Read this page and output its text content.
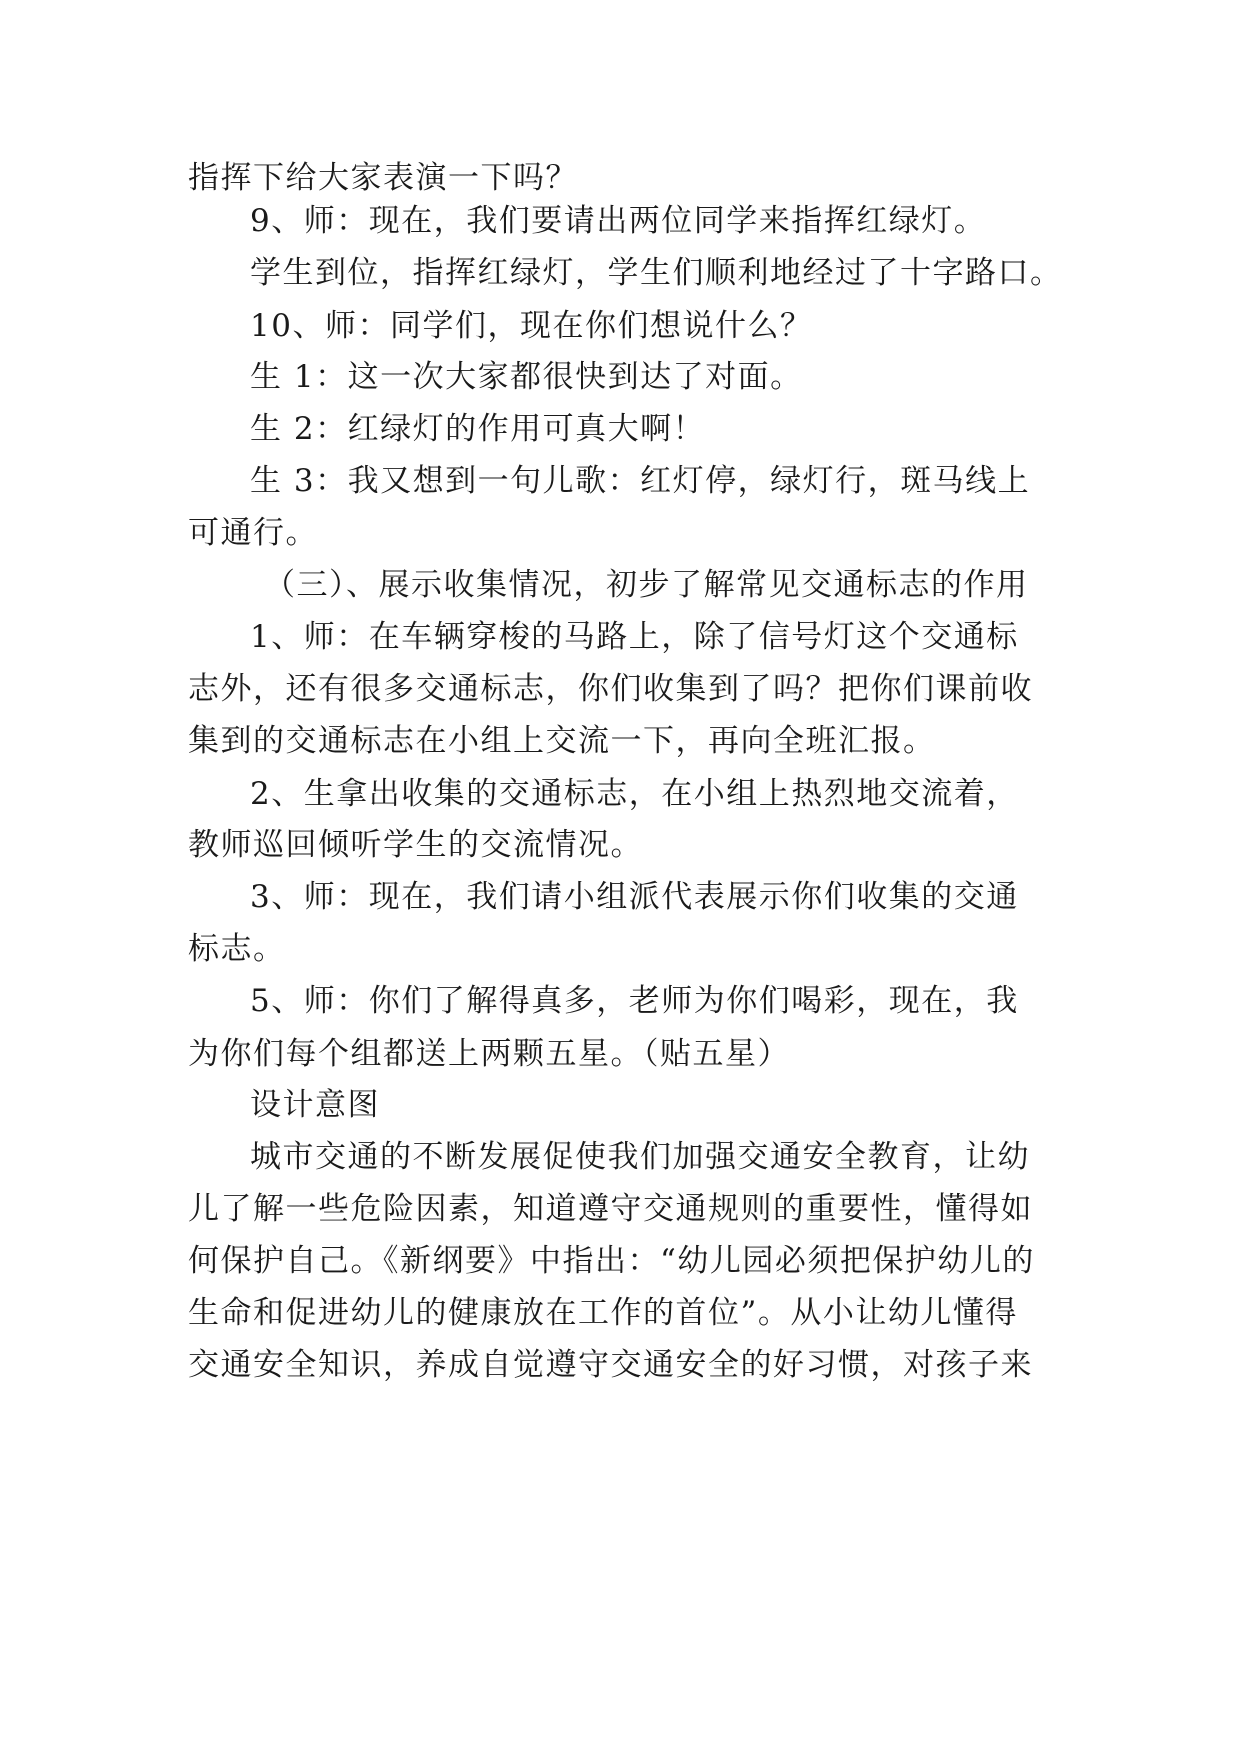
指挥下给大家表演一下吗？
9、师：现在，我们要请出两位同学来指挥红绿灯。
学生到位，指挥红绿灯，学生们顺利地经过了十字路口。
10、师：同学们，现在你们想说什么？
生 1：这一次大家都很快到达了对面。
生 2：红绿灯的作用可真大啊！
生 3：我又想到一句儿歌：红灯停，绿灯行，斑马线上
可通行。
（三）、展示收集情况，初步了解常见交通标志的作用
1、师：在车辆穿梭的马路上，除了信号灯这个交通标
志外，还有很多交通标志，你们收集到了吗？把你们课前收
集到的交通标志在小组上交流一下，再向全班汇报。
2、生拿出收集的交通标志，在小组上热烈地交流着，
教师巡回倾听学生的交流情况。
3、师：现在，我们请小组派代表展示你们收集的交通
标志。
5、师：你们了解得真多，老师为你们喝彩，现在，我
为你们每个组都送上两颗五星。（贴五星）
设计意图
城市交通的不断发展促使我们加强交通安全教育，让幼
儿了解一些危险因素，知道遵守交通规则的重要性，懂得如
何保护自己。《新纲要》中指出：“幼儿园必须把保护幼儿的
生命和促进幼儿的健康放在工作的首位”。从小让幼儿懂得
交通安全知识，养成自觉遵守交通安全的好习惯，对孩子来
